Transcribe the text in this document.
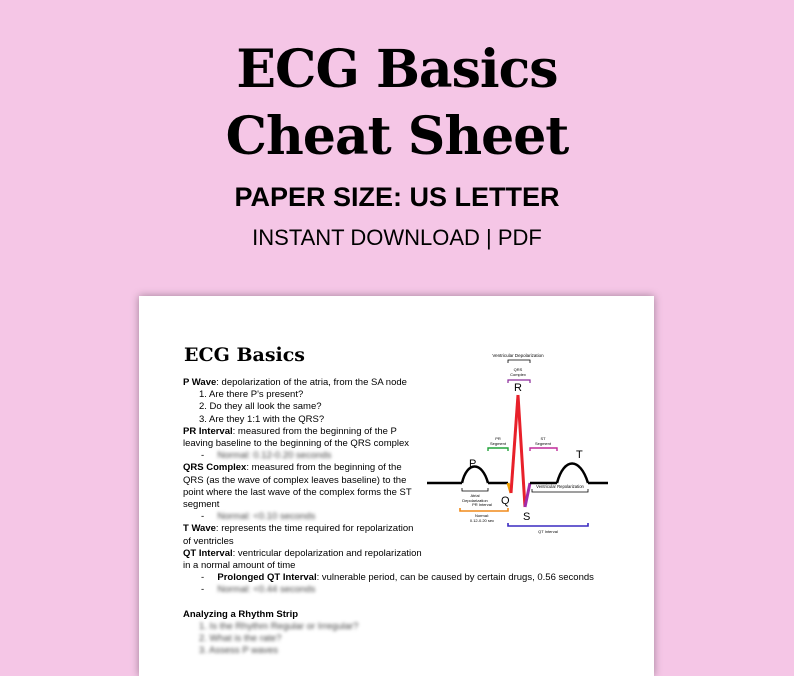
ECG Basics
Cheat Sheet
PAPER SIZE: US LETTER
INSTANT DOWNLOAD | PDF
ECG Basics

P Wave: depolarization of the atria, from the SA node

1. Are there P's present?

2. Do they all look the same?

3. Are they 1:1 with the QRS?

PR Interval: measured from the beginning of the P leaving baseline to the beginning of the QRS complex

-     Normal: 0.12-0.20 seconds

QRS Complex: measured from the beginning of the QRS (as the wave of complex leaves baseline) to the point where the last wave of the complex forms the ST segment

-     Normal: <0.10 seconds

T Wave: represents the time required for repolarization of ventricles

QT Interval: ventricular depolarization and repolarization in a normal amount of time

-     Prolonged QT Interval: vulnerable period, can be caused by certain drugs, 0.56 seconds

-     Normal: <0.44 seconds

Analyzing a Rhythm Strip

1. Is the Rhythm Regular or Irregular?

2. What is the rate?

3. Assess P waves

P
R
Q
S
T
Ventricular Depolarization
QRS
Complex
PR
Segment
ST
Segment
Atrial
Depolarization
Ventricular Repolarization
PR Interval
Normal:
0.12-0.20 sec
QT Interval
